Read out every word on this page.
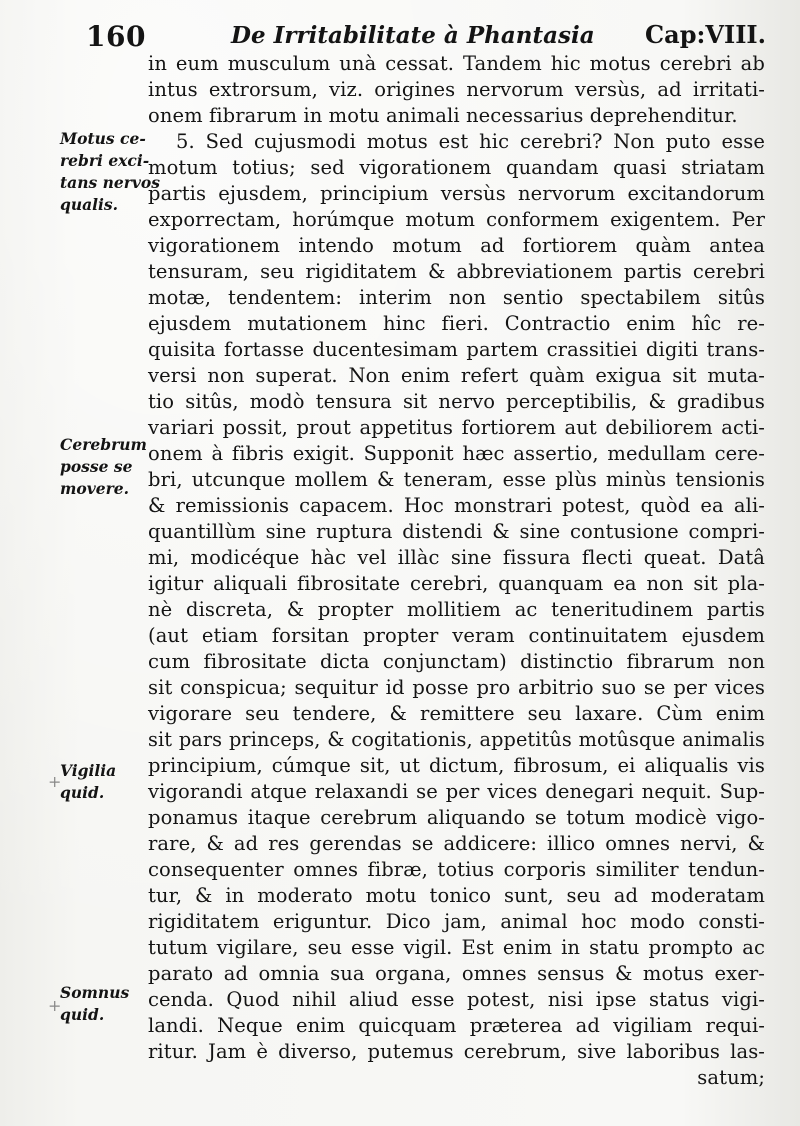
160	De Irritabilitate à Phantasia Cap:VIII.
Motus ce-
rebri exci-
tans nervos
qualis.
Cerebrum
posse se
movere.
Vigilia
quid.
Somnus
quid.
+
+
in eum musculum unà cessat. Tandem hic motus cerebri ab
intus extrorsum, viz. origines nervorum versùs, ad irritati-
onem fibrarum in motu animali necessarius deprehenditur.
5. Sed cujusmodi motus est hic cerebri? Non puto esse
motum totius; sed vigorationem quandam quasi striatam
partis ejusdem, principium versùs nervorum excitandorum
exporrectam, horúmque motum conformem exigentem. Per
vigorationem intendo motum ad fortiorem quàm antea
tensuram, seu rigiditatem & abbreviationem partis cerebri
motæ, tendentem: interim non sentio spectabilem sitûs
ejusdem mutationem hinc fieri. Contractio enim hîc re-
quisita fortasse ducentesimam partem crassitiei digiti trans-
versi non superat. Non enim refert quàm exigua sit muta-
tio sitûs, modò tensura sit nervo perceptibilis, & gradibus
variari possit, prout appetitus fortiorem aut debiliorem acti-
onem à fibris exigit. Supponit hæc assertio, medullam cere-
bri, utcunque mollem & teneram, esse plùs minùs tensionis
& remissionis capacem. Hoc monstrari potest, quòd ea ali-
quantillùm sine ruptura distendi & sine contusione compri-
mi, modicéque hàc vel illàc sine fissura flecti queat. Datâ
igitur aliquali fibrositate cerebri, quanquam ea non sit pla-
nè discreta, & propter mollitiem ac teneritudinem partis
(aut etiam forsitan propter veram continuitatem ejusdem
cum fibrositate dicta conjunctam) distinctio fibrarum non
sit conspicua; sequitur id posse pro arbitrio suo se per vices
vigorare seu tendere, & remittere seu laxare. Cùm enim
sit pars princeps, & cogitationis, appetitûs motûsque animalis
principium, cúmque sit, ut dictum, fibrosum, ei aliqualis vis
vigorandi atque relaxandi se per vices denegari nequit. Sup-
ponamus itaque cerebrum aliquando se totum modicè vigo-
rare, & ad res gerendas se addicere: illico omnes nervi, &
consequenter omnes fibræ, totius corporis similiter tendun-
tur, & in moderato motu tonico sunt, seu ad moderatam
rigiditatem eriguntur. Dico jam, animal hoc modo consti-
tutum vigilare, seu esse vigil. Est enim in statu prompto ac
parato ad omnia sua organa, omnes sensus & motus exer-
cenda. Quod nihil aliud esse potest, nisi ipse status vigi-
landi. Neque enim quicquam præterea ad vigiliam requi-
ritur. Jam è diverso, putemus cerebrum, sive laboribus las-
satum;
